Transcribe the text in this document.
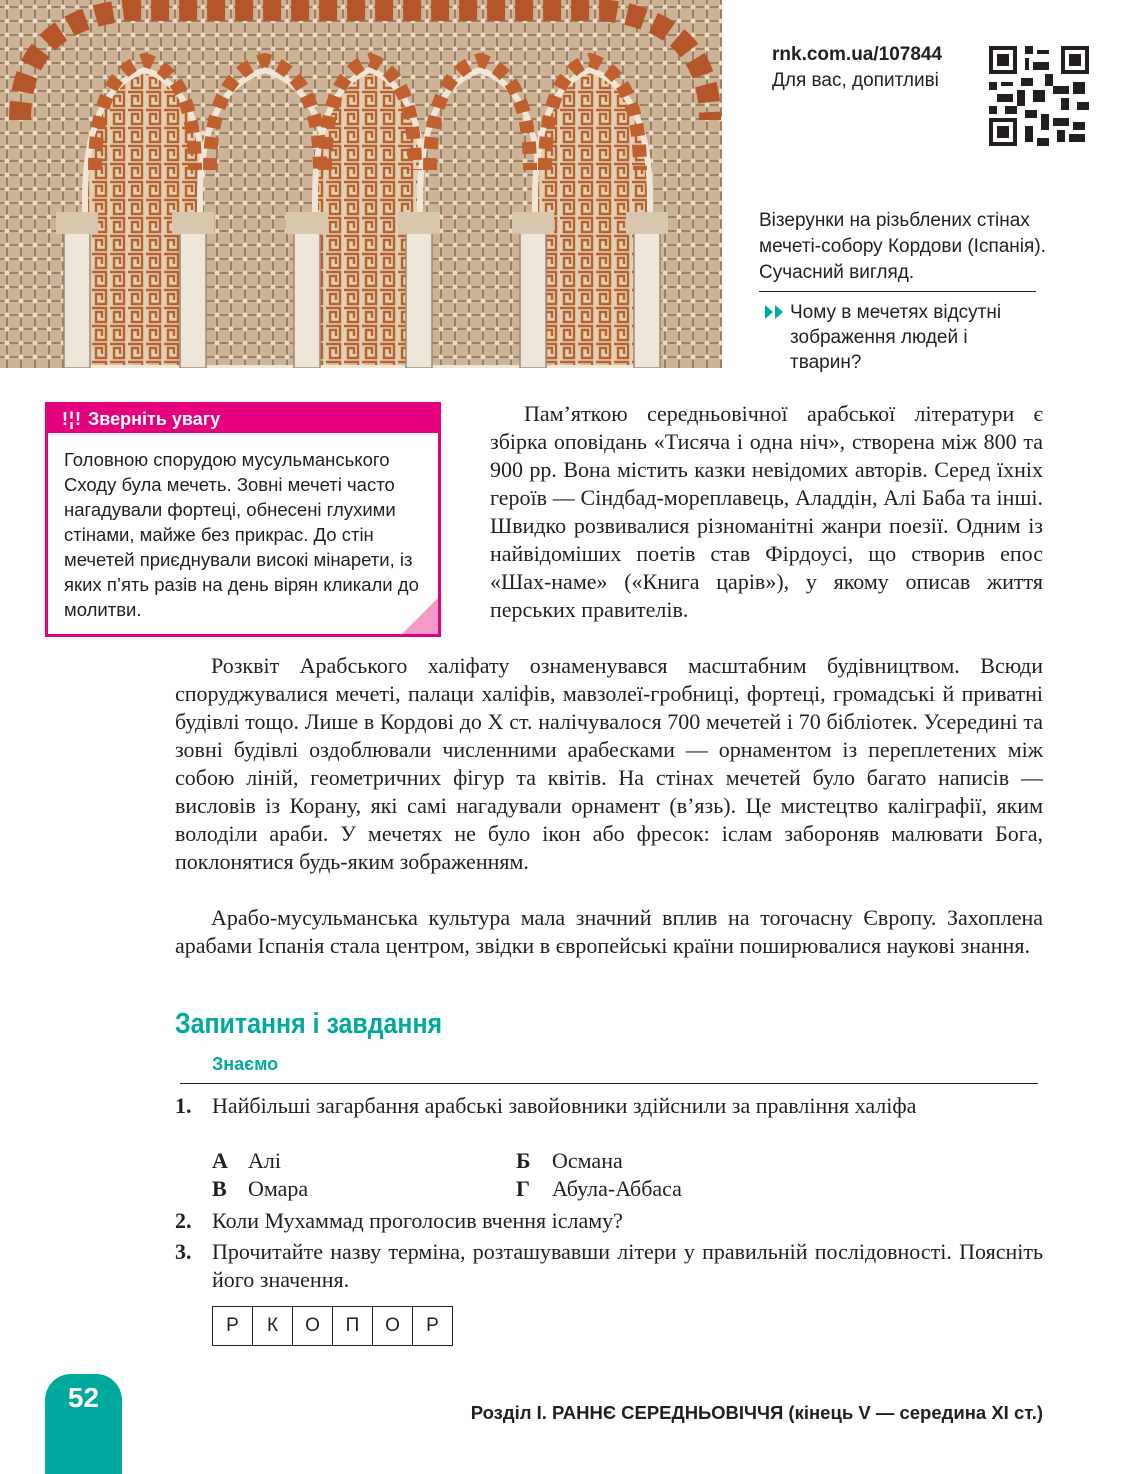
rnk.com.ua/107844
Для вас, допитливі
Візерунки на різьблених стінах мечеті-собору Кордови (Іспанія). Сучасний вигляд.
Чому в мечетях відсутні зображення людей і тварин?
!¦! Зверніть увагу
Головною спорудою мусульманського Сходу була мечеть. Зовні мечеті часто нагадували фортеці, обнесені глухими стінами, майже без прикрас. До стін мечетей приєднували високі мінарети, із яких п’ять разів на день вірян кликали до молитви.
Пам’яткою середньовічної арабської літератури є збірка оповідань «Тисяча і одна ніч», створена між 800 та 900 рр. Вона містить казки невідомих авторів. Серед їхніх героїв — Сіндбад-мореплавець, Аладдін, Алі Баба та інші. Швидко розвивалися різноманітні жанри поезії. Одним із найвідоміших поетів став Фірдоусі, що створив епос «Шах-наме» («Книга царів»), у якому описав життя перських правителів.
Розквіт Арабського халіфату ознаменувався масштабним будівництвом. Всюди споруджувалися мечеті, палаци халіфів, мавзолеї-гробниці, фортеці, громадські й приватні будівлі тощо. Лише в Кордові до X ст. налічувалося 700 мечетей і 70 бібліотек. Усередині та зовні будівлі оздоблювали численними арабесками — орнаментом із переплетених між собою ліній, геометричних фігур та квітів. На стінах мечетей було багато написів — висловів із Корану, які самі нагадували орнамент (в’язь). Це мистецтво каліграфії, яким володіли араби. У мечетях не було ікон або фресок: іслам забороняв малювати Бога, поклонятися будь-яким зображенням.
Арабо-мусульманська культура мала значний вплив на тогочасну Європу. Захоплена арабами Іспанія стала центром, звідки в європейські країни поширювалися наукові знання.
Запитання і завдання
Знаємо
1. Найбільші загарбання арабські завойовники здійснили за правління халіфа
А Алі	Б Османа
В Омара	Г Абула-Аббаса
2. Коли Мухаммад проголосив вчення ісламу?
3. Прочитайте назву терміна, розташувавши літери у правильній послідовності. Поясніть його значення.
Р	К	О	П	О	Р
52	Розділ І. РАННЄ СЕРЕДНЬОВІЧЧЯ (кінець V — середина XI ст.)
